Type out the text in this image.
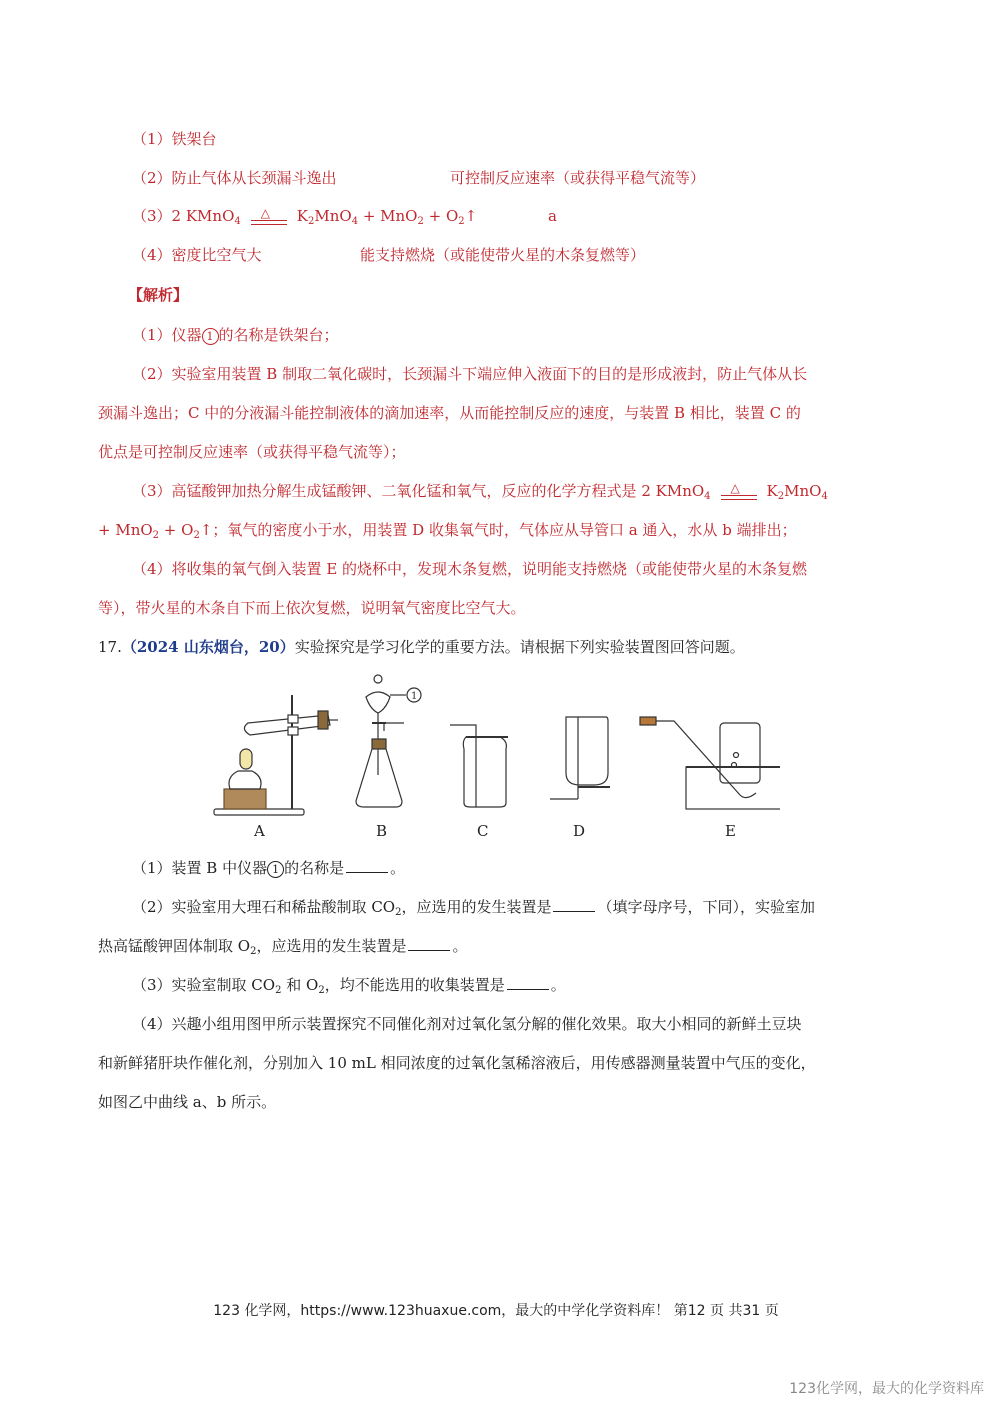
（1）铁架台
（2）防止气体从长颈漏斗逸出	可控制反应速率（或获得平稳气流等）
（3）2 KMnO$_4$
△ $K_2MnO_4 + MnO_2$ + $O_2↑$	a
（4）密度比空气大	能支持燃烧（或能使带火星的木条复燃等）
【解析】
（1）仪器 1 的名称是铁架台；
（2）实验室用装置 B 制取二氧化碳时，长颈漏斗下端应伸入液面下的目的是形成液封，防止气体从长
颈漏斗逸出；C 中的分液漏斗能控制液体的滴加速率，从而能控制反应的速度，与装置 B 相比，装置 C 的
优点是可控制反应速率（或获得平稳气流等）；
（3）高锰酸钾加热分解生成锰酸钾、二氧化锰和氧气，反应的化学方程式是 2 KMnO$_4$
△ $K_2MnO_4$
+ $MnO_2 + O_2↑$；氧气的密度小于水，用装置 D 收集氧气时，气体应从导管口 a 通入，水从 b 端排出；
（4）将收集的氧气倒入装置 E 的烧杯中，发现木条复燃，说明能支持燃烧（或能使带火星的木条复燃
等），带火星的木条自下而上依次复燃，说明氧气密度比空气大。
17.（2024 山东烟台，20）实验探究是学习化学的重要方法。请根据下列实验装置图回答问题。
1
A	B	C	D	E
（1）装置 B 中仪器 1 的名称是	。
（2）实验室用大理石和稀盐酸制取 $CO_2$，应选用的发生装置是	（填字母序号，下同），实验室加
热高锰酸钾固体制取 $O_2$，应选用的发生装置是	。
（3）实验室制取 $CO_2$ 和 $O_2$，均不能选用的收集装置是	。
（4）兴趣小组用图甲所示装置探究不同催化剂对过氧化氢分解的催化效果。取大小相同的新鲜土豆块
和新鲜猪肝块作催化剂，分别加入 10 mL 相同浓度的过氧化氢稀溶液后，用传感器测量装置中气压的变化，
如图乙中曲线 a、b 所示。
123 化学网，https://www.123huaxue.com，最大的中学化学资料库！ 第12 页 共31 页
123化学网，最大的化学资料库
